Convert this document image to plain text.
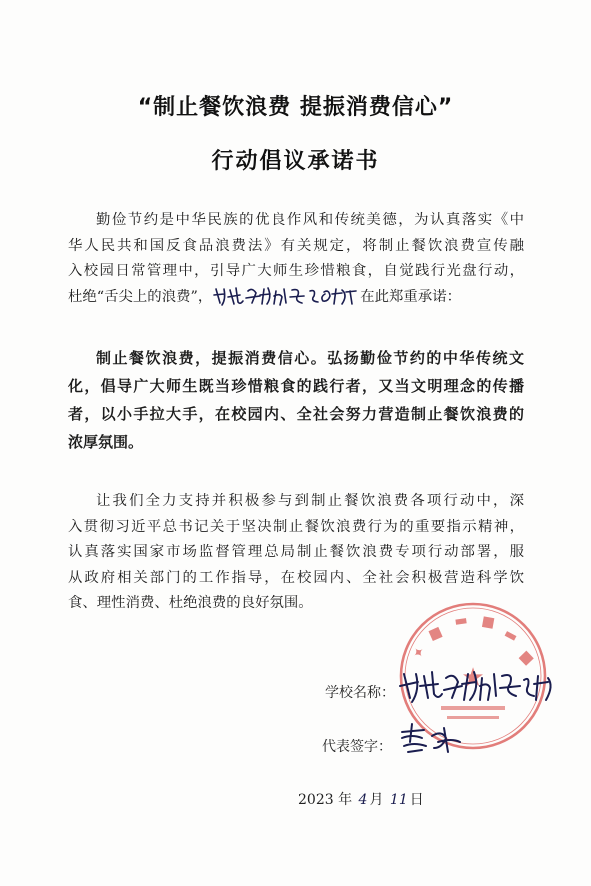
“制止餐饮浪费 提振消费信心”
行动倡议承诺书

勤俭节约是中华民族的优良作风和传统美德，为认真落实《中
华人民共和国反食品浪费法》有关规定，将制止餐饮浪费宣传融
入校园日常管理中，引导广大师生珍惜粮食，自觉践行光盘行动，
杜绝“舌尖上的浪费”，	在此郑重承诺：

制止餐饮浪费，提振消费信心。弘扬勤俭节约的中华传统文
化，倡导广大师生既当珍惜粮食的践行者，又当文明理念的传播
者，以小手拉大手，在校园内、全社会努力营造制止餐饮浪费的
浓厚氛围。

让我们全力支持并积极参与到制止餐饮浪费各项行动中，深
入贯彻习近平总书记关于坚决制止餐饮浪费行为的重要指示精神，
认真落实国家市场监督管理总局制止餐饮浪费专项行动部署，服
从政府相关部门的工作指导，在校园内、全社会积极营造科学饮
食、理性消费、杜绝浪费的良好氛围。

✦
■
▬ ■
▬
■
★
学校名称：
代表签字：
2023 年 4 月 11 日
